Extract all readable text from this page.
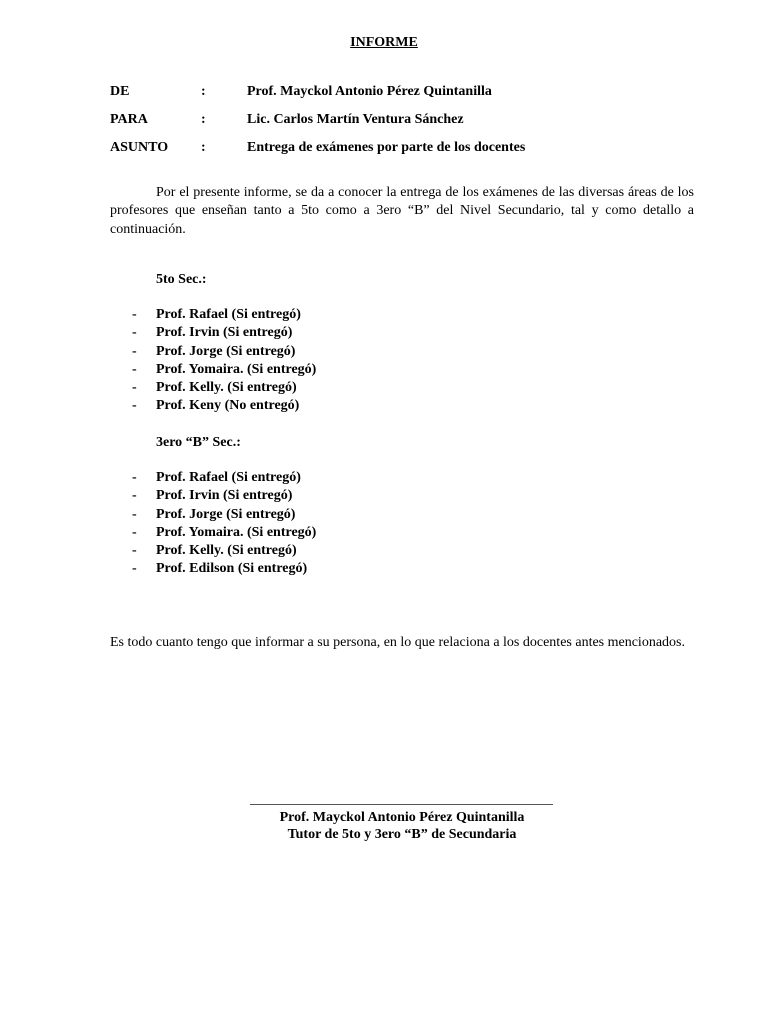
INFORME
DE	:	Prof. Mayckol Antonio Pérez Quintanilla
PARA	:	Lic. Carlos Martín Ventura Sánchez
ASUNTO :	Entrega de exámenes por parte de los docentes

Por el presente informe, se da a conocer la entrega de los exámenes de las diversas áreas de los profesores que enseñan tanto a 5to como a 3ero “B” del Nivel Secundario, tal y como detallo a continuación.

5to Sec.:
- Prof. Rafael (Si entregó)
- Prof. Irvin (Si entregó)
- Prof. Jorge (Si entregó)
- Prof. Yomaira. (Si entregó)
- Prof. Kelly. (Si entregó)
- Prof. Keny (No entregó)
3ero “B” Sec.:
- Prof. Rafael (Si entregó)
- Prof. Irvin (Si entregó)
- Prof. Jorge (Si entregó)
- Prof. Yomaira. (Si entregó)
- Prof. Kelly. (Si entregó)
- Prof. Edilson (Si entregó)

Es todo cuanto tengo que informar a su persona, en lo que relaciona a los docentes antes mencionados.

Prof. Mayckol Antonio Pérez Quintanilla
Tutor de 5to y 3ero “B” de Secundaria
